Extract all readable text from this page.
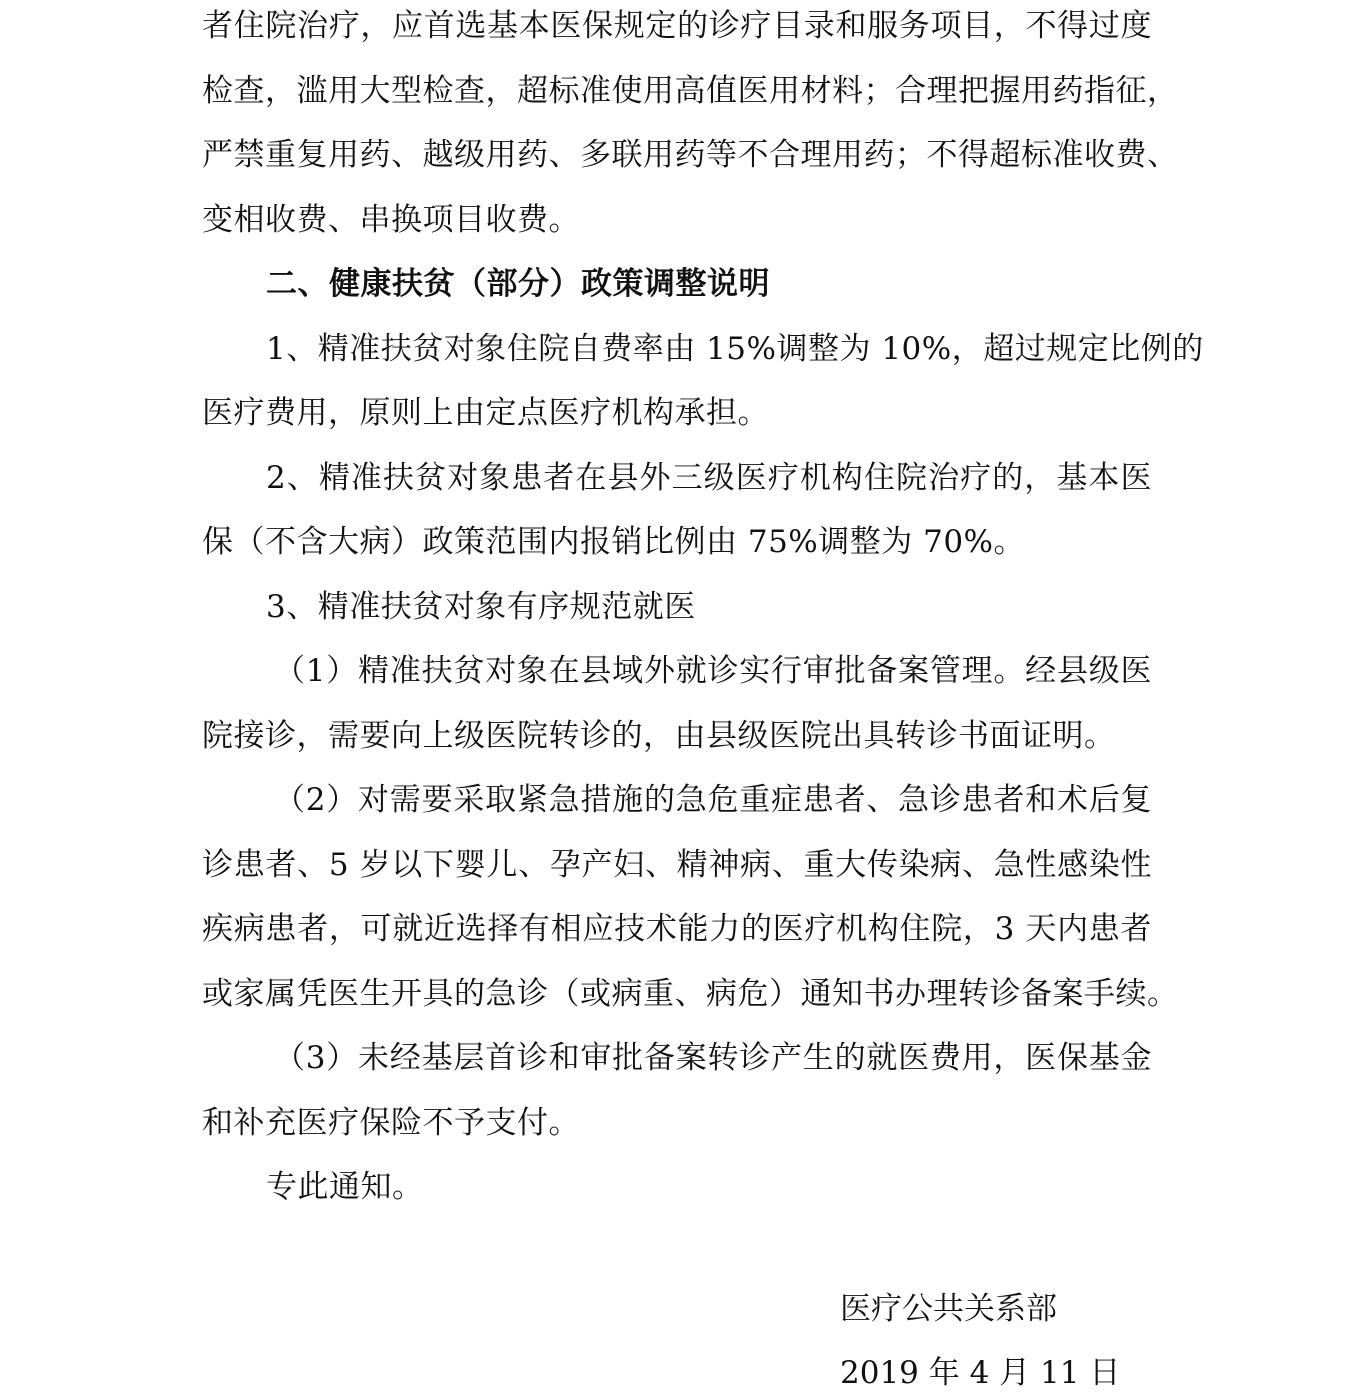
者住院治疗，应首选基本医保规定的诊疗目录和服务项目，不得过度
检查，滥用大型检查，超标准使用高值医用材料；合理把握用药指征，
严禁重复用药、越级用药、多联用药等不合理用药；不得超标准收费、
变相收费、串换项目收费。
二、健康扶贫（部分）政策调整说明
1、精准扶贫对象住院自费率由 15%调整为 10%，超过规定比例的
医疗费用，原则上由定点医疗机构承担。
2、精准扶贫对象患者在县外三级医疗机构住院治疗的，基本医
保（不含大病）政策范围内报销比例由 75%调整为 70%。
3、精准扶贫对象有序规范就医
（1）精准扶贫对象在县域外就诊实行审批备案管理。经县级医
院接诊，需要向上级医院转诊的，由县级医院出具转诊书面证明。
（2）对需要采取紧急措施的急危重症患者、急诊患者和术后复
诊患者、5 岁以下婴儿、孕产妇、精神病、重大传染病、急性感染性
疾病患者，可就近选择有相应技术能力的医疗机构住院，3 天内患者
或家属凭医生开具的急诊（或病重、病危）通知书办理转诊备案手续。
（3）未经基层首诊和审批备案转诊产生的就医费用，医保基金
和补充医疗保险不予支付。
专此通知。
医疗公共关系部
2019 年 4 月 11 日
